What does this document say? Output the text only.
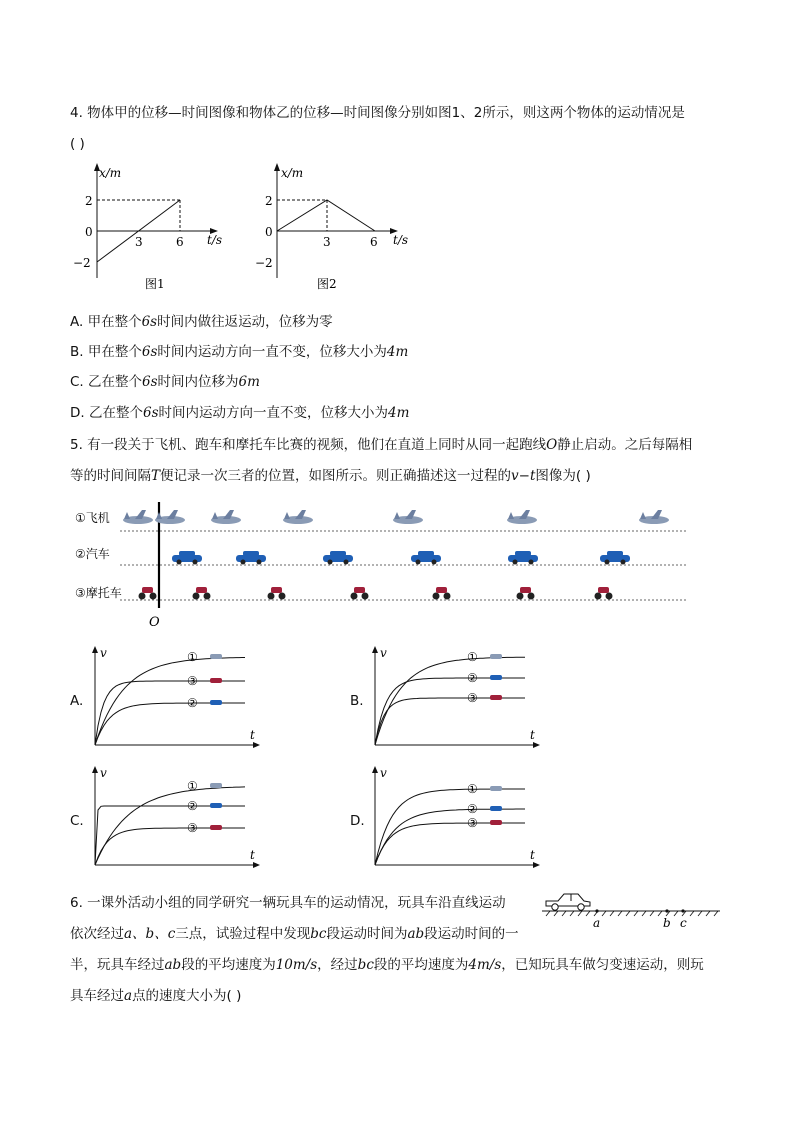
4. 物体甲的位移—时间图像和物体乙的位移—时间图像分别如图1、2所示，则这两个物体的运动情况是
( )
x/m
t/s
2
0
−2
3	6
图1
x/m
t/s
2
0
−2
3	6
图2
A. 甲在整个6s时间内做往返运动，位移为零
B. 甲在整个6s时间内运动方向一直不变，位移大小为4m
C. 乙在整个6s时间内位移为6m
D. 乙在整个6s时间内运动方向一直不变，位移大小为4m
5. 有一段关于飞机、跑车和摩托车比赛的视频，他们在直道上同时从同一起跑线O静止启动。之后每隔相
等的时间间隔T便记录一次三者的位置，如图所示。则正确描述这一过程的v−t图像为( )
O
①飞机
②汽车
③摩托车
①
③
②
v
t
A.
①
②
③
v
t
B.
①
②
③
v
t
C.
①
②
③
v
t
D.
6. 一课外活动小组的同学研究一辆玩具车的运动情况，玩具车沿直线运动
依次经过a、b、c三点，试验过程中发现bc段运动时间为ab段运动时间的一
半，玩具车经过ab段的平均速度为10m/s，经过bc段的平均速度为4m/s，已知玩具车做匀变速运动，则玩
具车经过a点的速度大小为( )
a	b c
